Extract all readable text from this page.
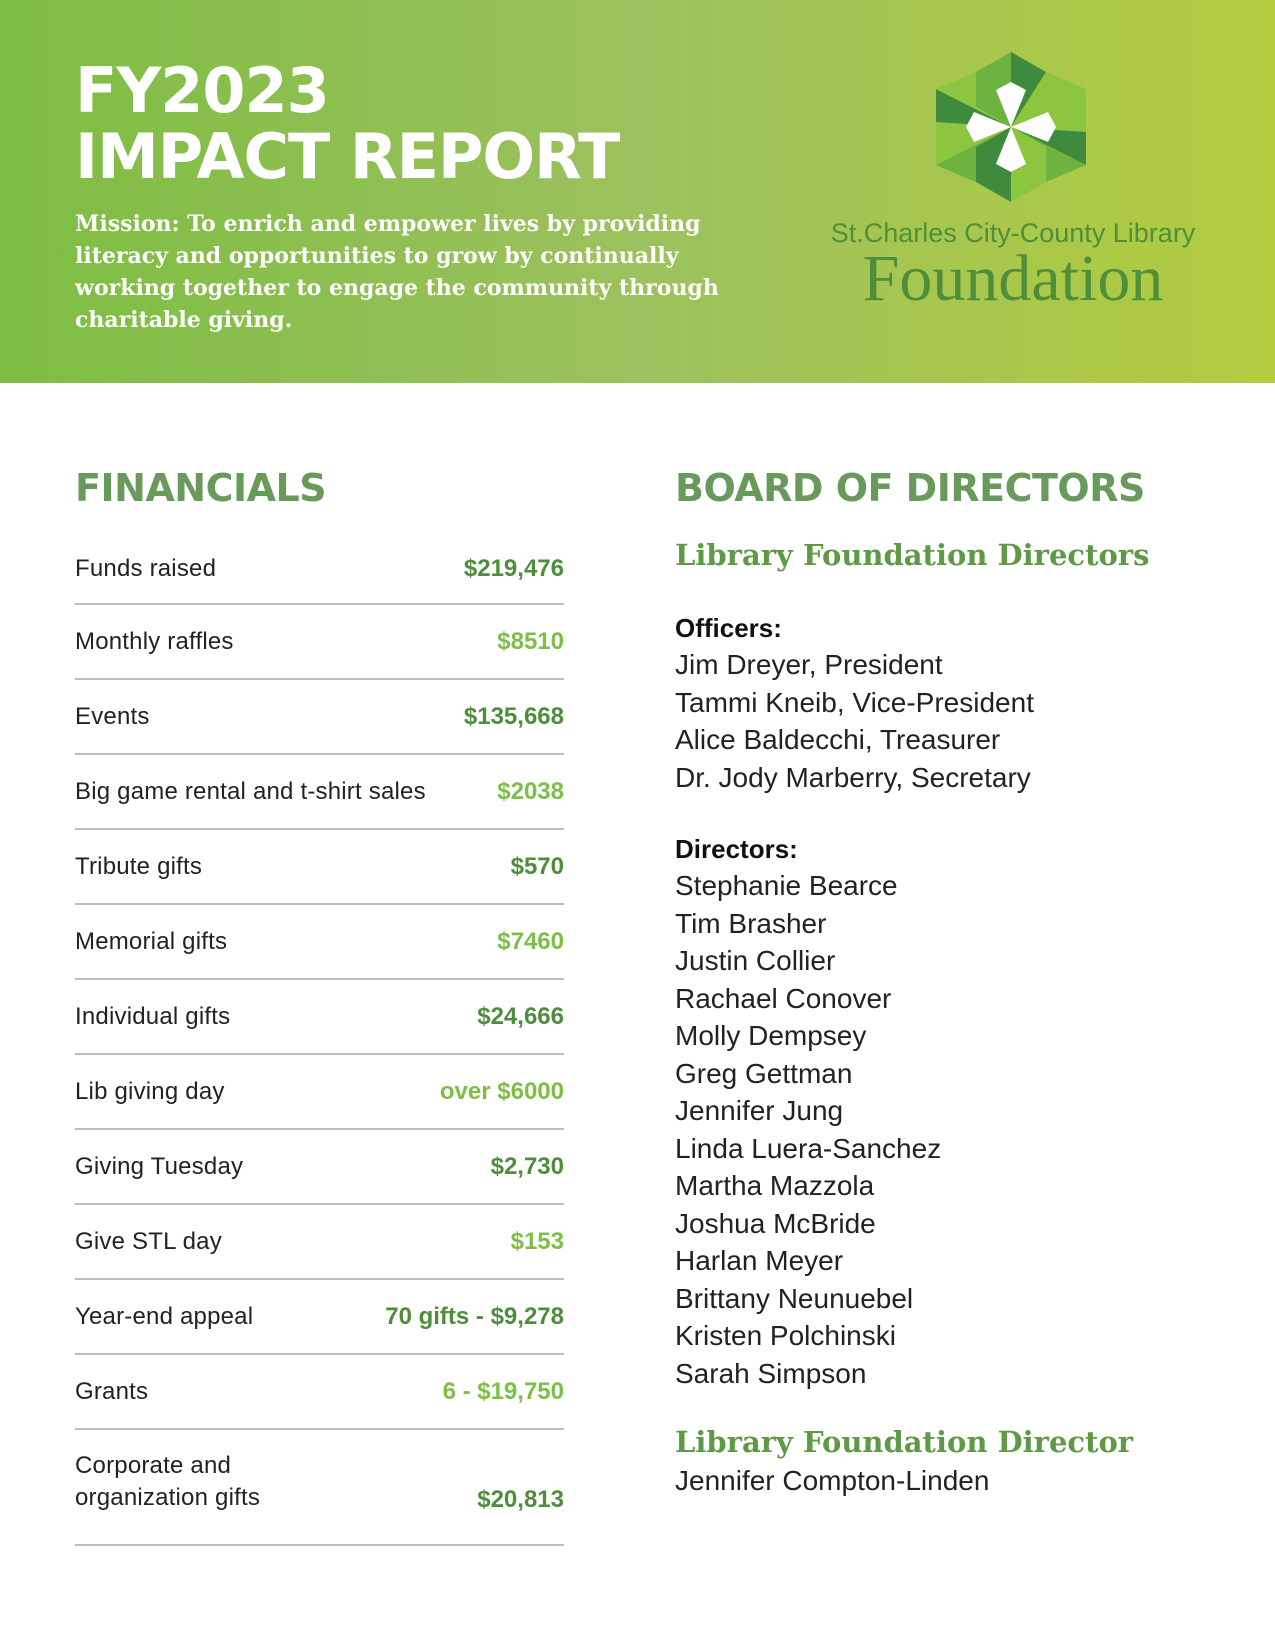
FY2023
IMPACT REPORT

Mission: To enrich and empower lives by providing literacy and opportunities to grow by continually working together to engage the community through charitable giving.

St.Charles City-County Library
Foundation
FINANCIALS
Funds raised	$219,476
Monthly raffles	$8510
Events	$135,668
Big game rental and t-shirt sales	$2038
Tribute gifts	$570
Memorial gifts	$7460
Individual gifts	$24,666
Lib giving day	over $6000
Giving Tuesday	$2,730
Give STL day	$153
Year-end appeal	70 gifts - $9,278
Grants	6 - $19,750
Corporate and
organization gifts	$20,813
BOARD OF DIRECTORS
Library Foundation Directors

Officers:

Jim Dreyer, President
Tammi Kneib, Vice-President
Alice Baldecchi, Treasurer
Dr. Jody Marberry, Secretary

Directors:

Stephanie Bearce
Tim Brasher
Justin Collier
Rachael Conover
Molly Dempsey
Greg Gettman
Jennifer Jung
Linda Luera-Sanchez
Martha Mazzola
Joshua McBride
Harlan Meyer
Brittany Neunuebel
Kristen Polchinski
Sarah Simpson
Library Foundation Director
Jennifer Compton-Linden
